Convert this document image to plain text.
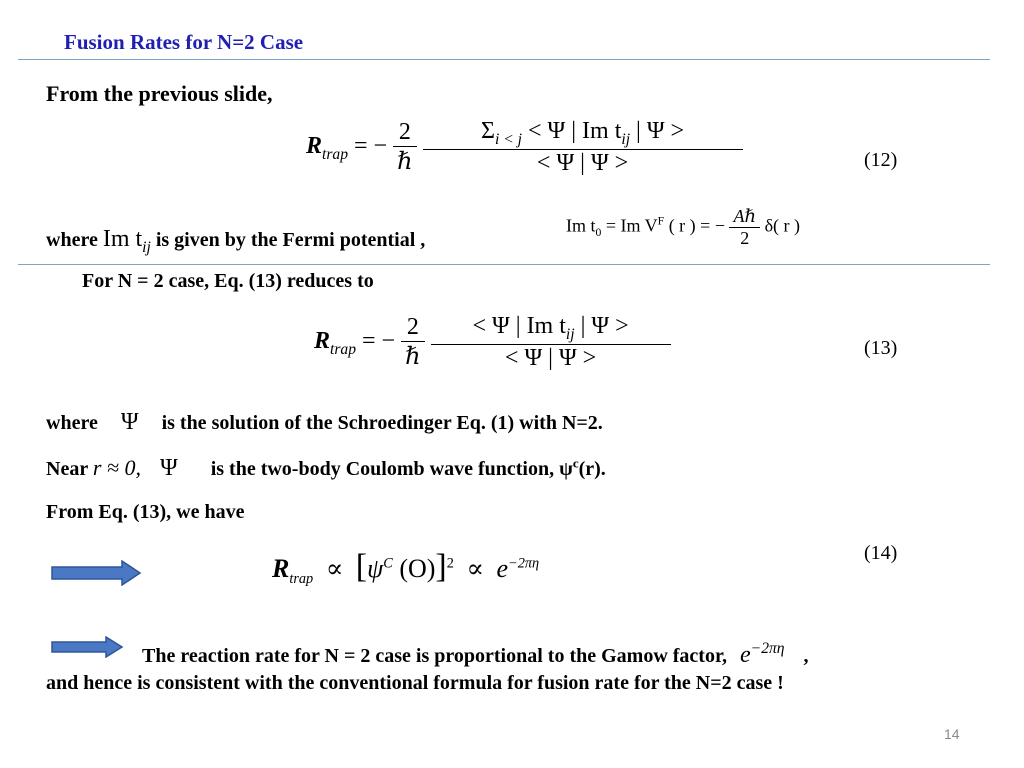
Fusion Rates for N=2 Case
From the previous slide,
$R_{trap}$ = − $\frac{2}{\text{ℏ}}$
$\frac{\Sigma_{i < j} < \Psi | Im t_{ij} | \Psi >}{< \Psi | \Psi >}$	(12)
where Im $t_{ij}$ is given by the Fermi potential ,
Im $t_0 = Im$ $V^F$ ( r ) = − $\frac{\text{Aℏ}}{2} \delta$( r )
For N = 2 case, Eq. (13) reduces to
$R_{trap}$ = − $\frac{2}{\text{ℏ}}$
$\frac{< \Psi | Im t_{ij} | \Psi >}{< \Psi | \Psi >}$	(13)
where Ψ is the solution of the Schroedinger Eq. (1) with N=2.
Near r ≈ 0, Ψ is the two-body Coulomb wave function, $\psi^c(r)$.
From Eq. (13), we have
$R_{trap} \propto [\psi^C$ $(O)]^2 \propto e^{-2\pi\eta}$	(14)
The reaction rate for N = 2 case is proportional to the Gamow factor, $e^{-2\pi\eta}$ ,
and hence is consistent with the conventional formula for fusion rate for the N=2 case !
14
